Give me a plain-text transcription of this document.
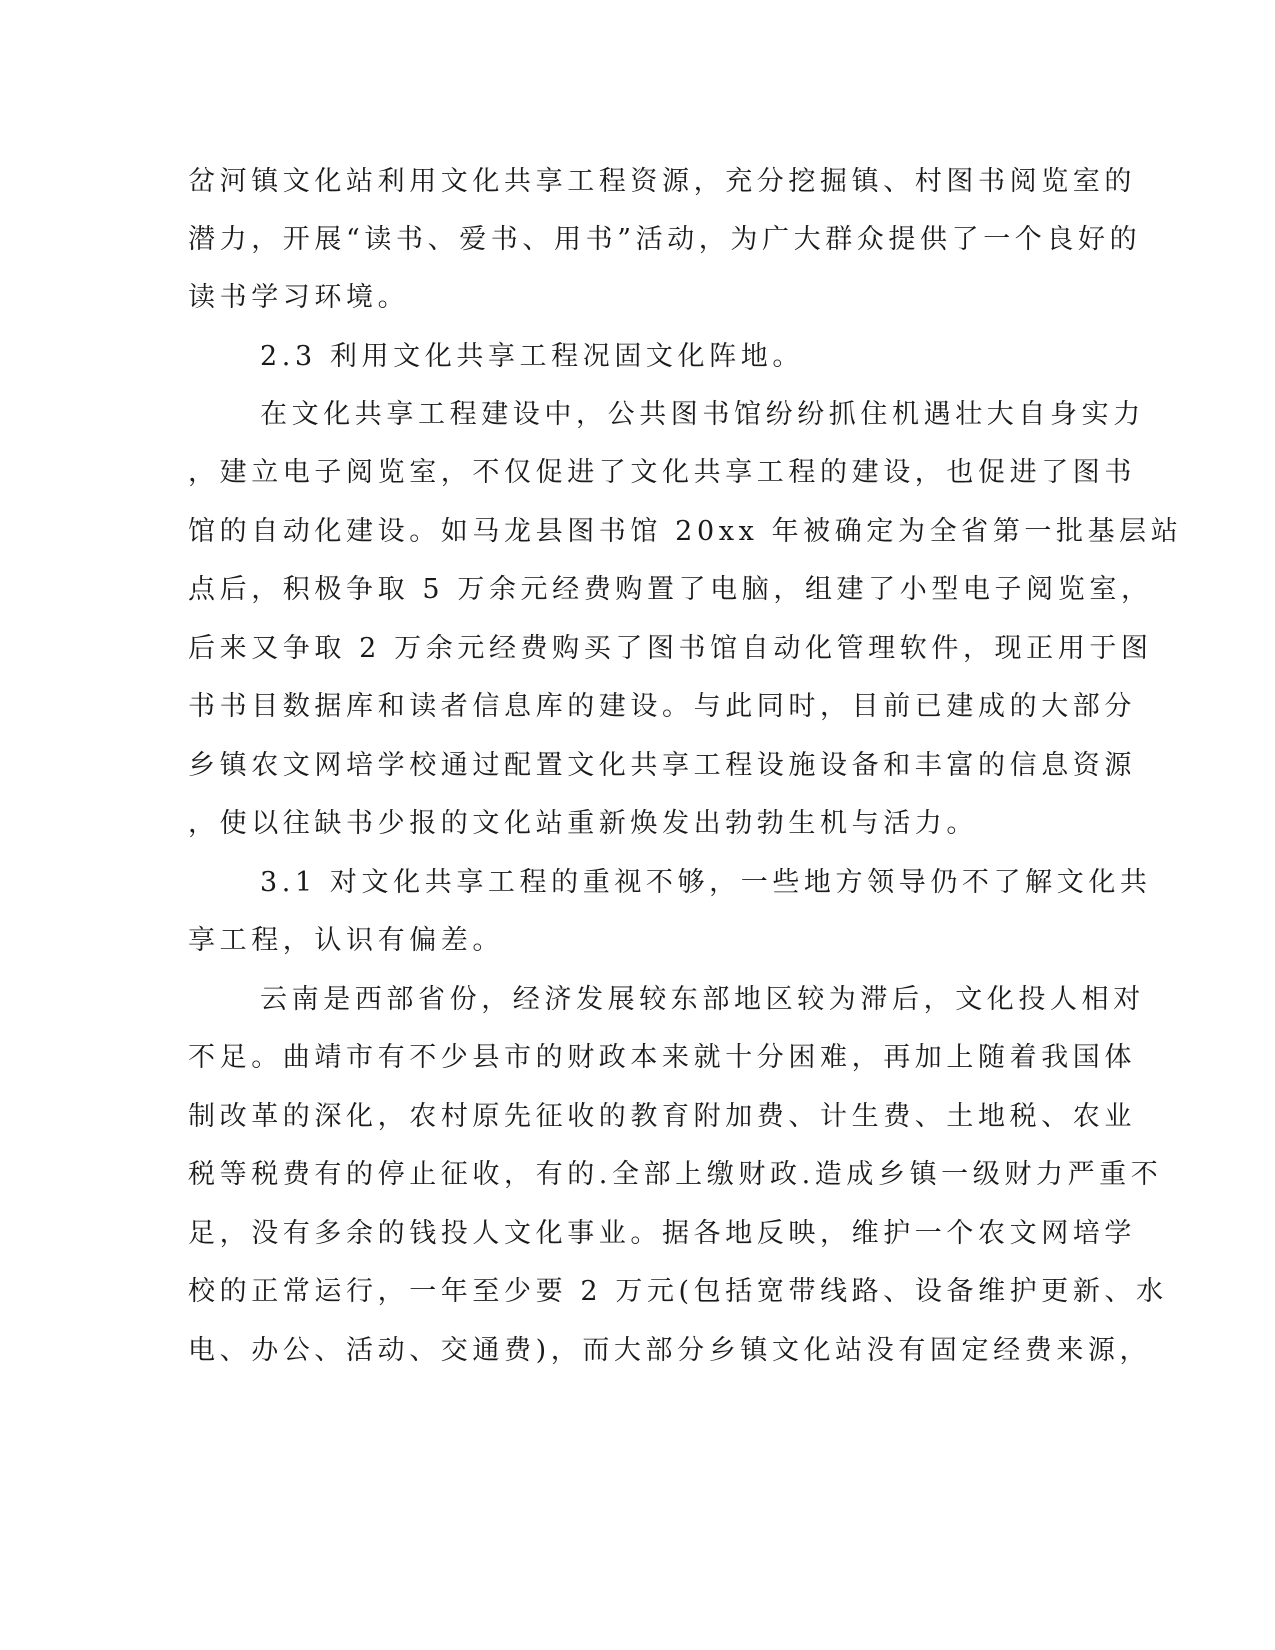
岔河镇文化站利用文化共享工程资源，充分挖掘镇、村图书阅览室的
潜力，开展“读书、爱书、用书”活动，为广大群众提供了一个良好的
读书学习环境。
2.3 利用文化共享工程况固文化阵地。
在文化共享工程建设中，公共图书馆纷纷抓住机遇壮大自身实力
，建立电子阅览室，不仅促进了文化共享工程的建设，也促进了图书
馆的自动化建设。如马龙县图书馆 20xx 年被确定为全省第一批基层站
点后，积极争取 5 万余元经费购置了电脑，组建了小型电子阅览室，
后来又争取 2 万余元经费购买了图书馆自动化管理软件，现正用于图
书书目数据库和读者信息库的建设。与此同时，目前已建成的大部分
乡镇农文网培学校通过配置文化共享工程设施设备和丰富的信息资源
，使以往缺书少报的文化站重新焕发出勃勃生机与活力。
3.1 对文化共享工程的重视不够，一些地方领导仍不了解文化共
享工程，认识有偏差。
云南是西部省份，经济发展较东部地区较为滞后，文化投人相对
不足。曲靖市有不少县市的财政本来就十分困难，再加上随着我国体
制改革的深化，农村原先征收的教育附加费、计生费、土地税、农业
税等税费有的停止征收，有的.全部上缴财政.造成乡镇一级财力严重不
足，没有多余的钱投人文化事业。据各地反映，维护一个农文网培学
校的正常运行，一年至少要 2 万元(包括宽带线路、设备维护更新、水
电、办公、活动、交通费)，而大部分乡镇文化站没有固定经费来源，
